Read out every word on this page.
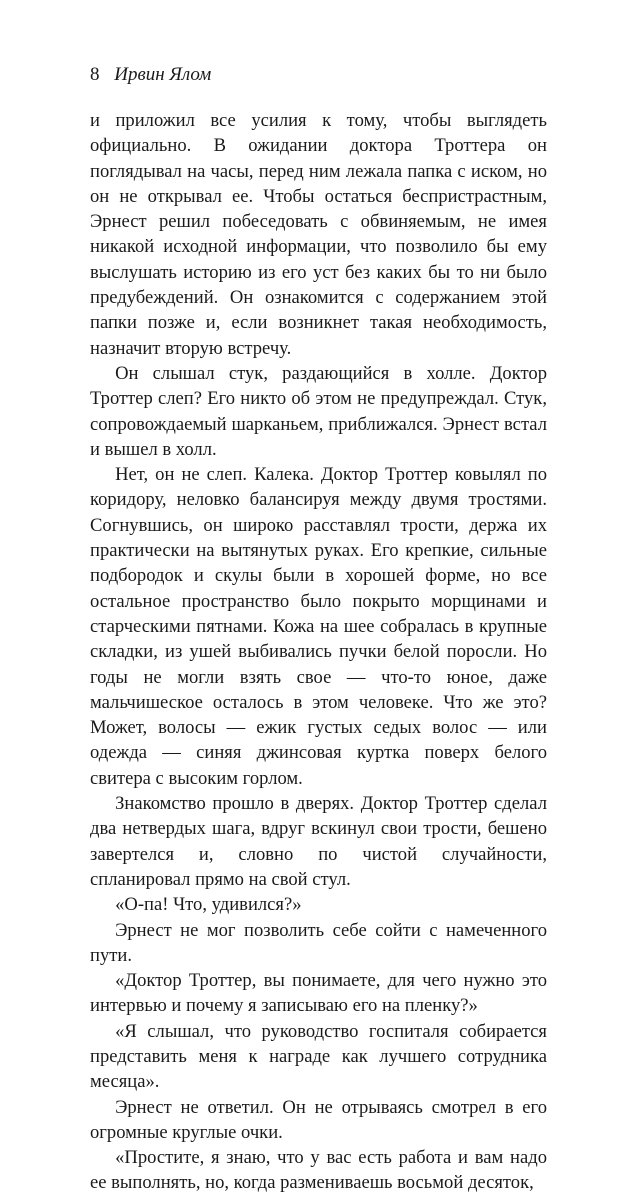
8 Ирвин Ялом

и приложил все усилия к тому, чтобы выглядеть официально. В ожидании доктора Троттера он поглядывал на часы, перед ним лежала папка с иском, но он не открывал ее. Чтобы остаться беспристрастным, Эрнест решил побеседовать с обвиняемым, не имея никакой исходной информации, что позволило бы ему выслушать историю из его уст без каких бы то ни было предубеждений. Он ознакомится с содержанием этой папки позже и, если возникнет такая необходимость, назначит вторую встречу.

Он слышал стук, раздающийся в холле. Доктор Троттер слеп? Его никто об этом не предупреждал. Стук, сопровождаемый шарканьем, приближался. Эрнест встал и вышел в холл.

Нет, он не слеп. Калека. Доктор Троттер ковылял по коридору, неловко балансируя между двумя тростями. Согнувшись, он широко расставлял трости, держа их практически на вытянутых руках. Его крепкие, сильные подбородок и скулы были в хорошей форме, но все остальное пространство было покрыто морщинами и старческими пятнами. Кожа на шее собралась в крупные складки, из ушей выбивались пучки белой поросли. Но годы не могли взять свое — что-то юное, даже мальчишеское осталось в этом человеке. Что же это? Может, волосы — ежик густых седых волос — или одежда — синяя джинсовая куртка поверх белого свитера с высоким горлом.

Знакомство прошло в дверях. Доктор Троттер сделал два нетвердых шага, вдруг вскинул свои трости, бешено завертелся и, словно по чистой случайности, спланировал прямо на свой стул.

«О-па! Что, удивился?»

Эрнест не мог позволить себе сойти с намеченного пути.

«Доктор Троттер, вы понимаете, для чего нужно это интервью и почему я записываю его на пленку?»

«Я слышал, что руководство госпиталя собирается представить меня к награде как лучшего сотрудника месяца».

Эрнест не ответил. Он не отрываясь смотрел в его огромные круглые очки.

«Простите, я знаю, что у вас есть работа и вам надо ее выполнять, но, когда размениваешь восьмой десяток,
